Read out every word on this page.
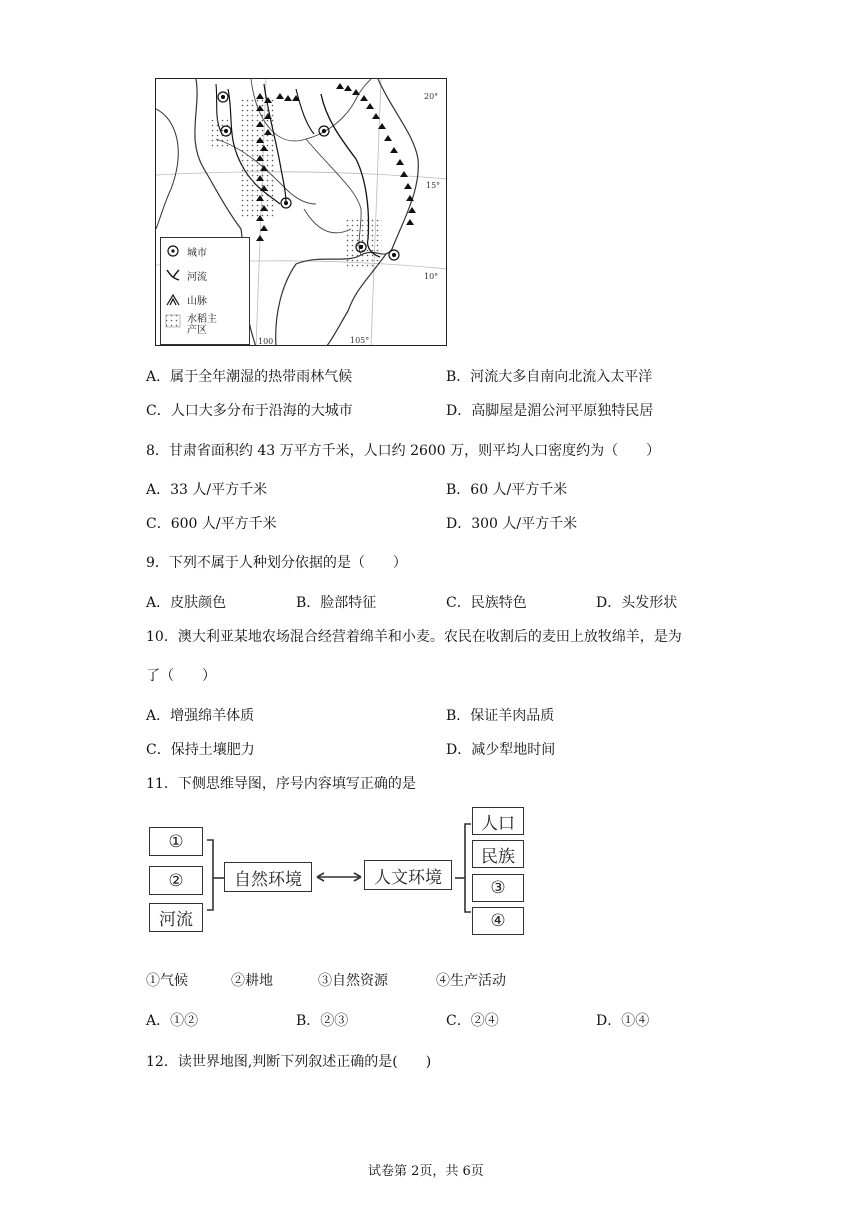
20°
15°
10°
100	105°
城市
河流
山脉
水稻主产区
A．属于全年潮湿的热带雨林气候	B．河流大多自南向北流入太平洋
C．人口大多分布于沿海的大城市	D．高脚屋是湄公河平原独特民居
8．甘肃省面积约 43 万平方千米，人口约 2600 万，则平均人口密度约为（　　）
A．33 人/平方千米	B．60 人/平方千米
C．600 人/平方千米	D．300 人/平方千米
9．下列不属于人种划分依据的是（　　）
A．皮肤颜色	B．脸部特征	C．民族特色	D．头发形状
10．澳大利亚某地农场混合经营着绵羊和小麦。农民在收割后的麦田上放牧绵羊，是为
了（　　）
A．增强绵羊体质	B．保证羊肉品质
C．保持土壤肥力	D．减少犁地时间
11．下侧思维导图，序号内容填写正确的是
①
②
河流
自然环境	人文环境
人口
民族
③
④
①气候	②耕地	③自然资源	④生产活动
A．①②	B．②③	C．②④	D．①④
12．读世界地图,判断下列叙述正确的是(　　)
试卷第 2页，共 6页
